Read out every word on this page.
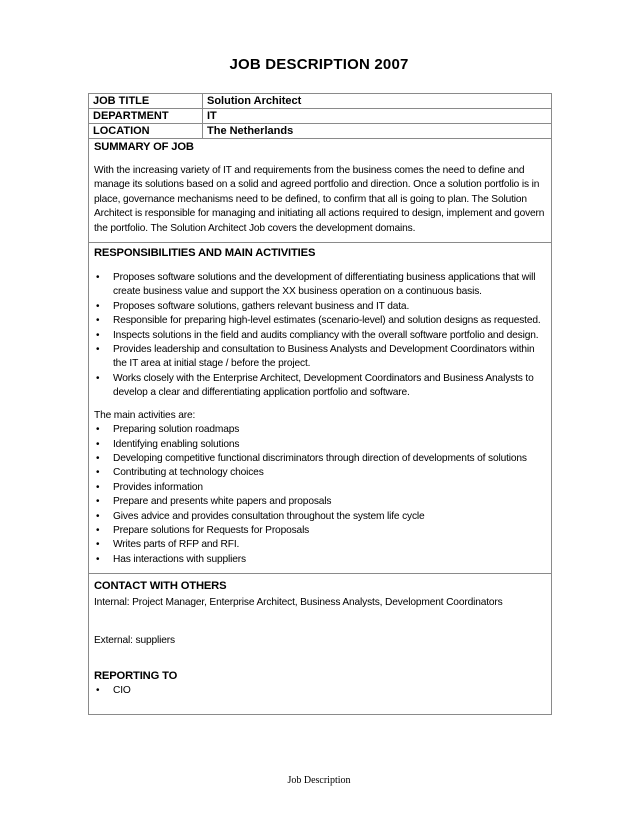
JOB DESCRIPTION 2007
JOB TITLE	Solution Architect
DEPARTMENT	IT
LOCATION	The Netherlands

SUMMARY OF JOB

With the increasing variety of IT and requirements from the business comes the need to define and manage its solutions based on a solid and agreed portfolio and direction. Once a solution portfolio is in place, governance mechanisms need to be defined, to confirm that all is going to plan. The Solution Architect is responsible for managing and initiating all actions required to design, implement and govern the portfolio. The Solution Architect Job covers the development domains.

RESPONSIBILITIES AND MAIN ACTIVITIES

• Proposes software solutions and the development of differentiating business applications that will create business value and support the XX business operation on a continuous basis.
• Proposes software solutions, gathers relevant business and IT data.
• Responsible for preparing high-level estimates (scenario-level) and solution designs as requested.
• Inspects solutions in the field and audits compliancy with the overall software portfolio and design.
• Provides leadership and consultation to Business Analysts and Development Coordinators within the IT area at initial stage / before the project.
• Works closely with the Enterprise Architect, Development Coordinators and Business Analysts to develop a clear and differentiating application portfolio and software.

The main activities are:

• Preparing solution roadmaps
• Identifying enabling solutions
• Developing competitive functional discriminators through direction of developments of solutions
• Contributing at technology choices
• Provides information
• Prepare and presents white papers and proposals
• Gives advice and provides consultation throughout the system life cycle
• Prepare solutions for Requests for Proposals
• Writes parts of RFP and RFI.
• Has interactions with suppliers

CONTACT WITH OTHERS

Internal: Project Manager, Enterprise Architect, Business Analysts, Development Coordinators

External: suppliers

REPORTING TO

• CIO
Job Description
